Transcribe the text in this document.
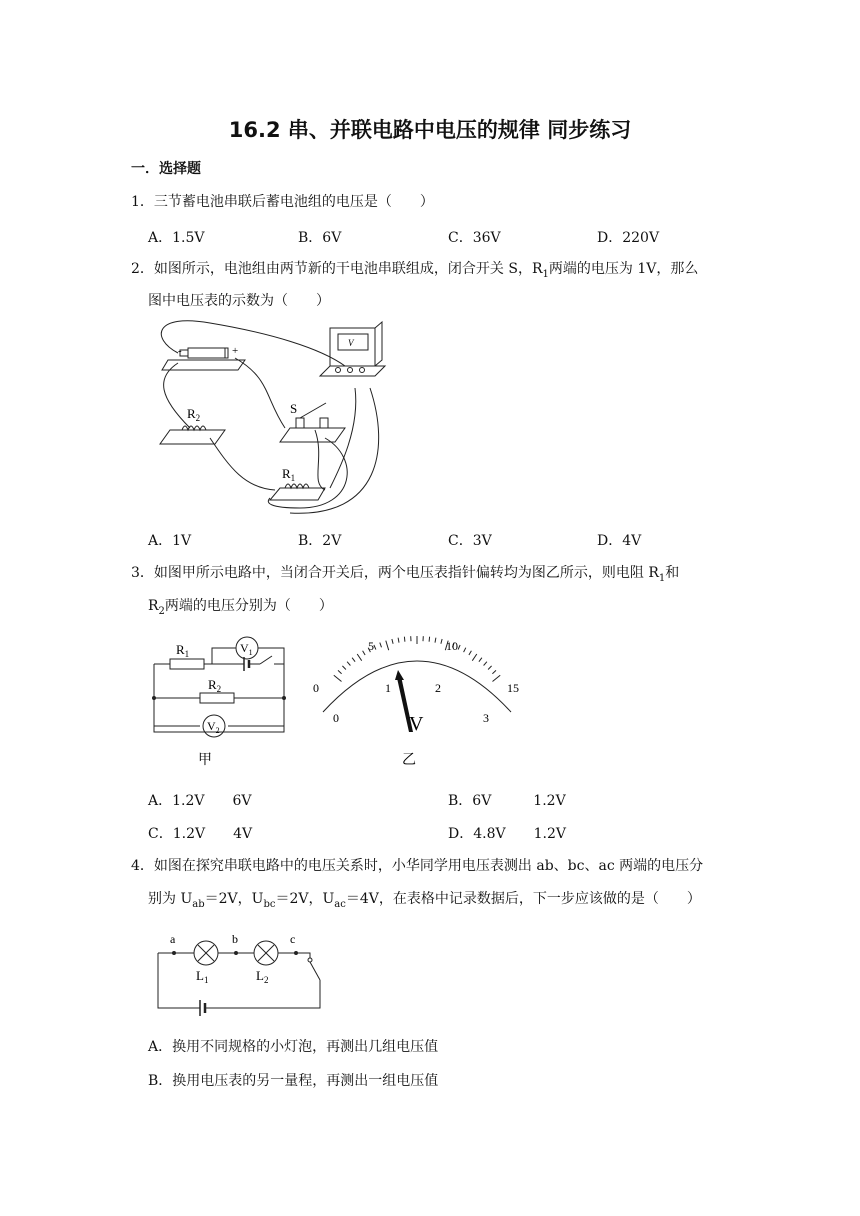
16.2 串、并联电路中电压的规律 同步练习
一．选择题
1．三节蓄电池串联后蓄电池组的电压是（　　）
A．1.5V	B．6V	C．36V	D．220V
2．如图所示，电池组由两节新的干电池串联组成，闭合开关 S，$R_1$两端的电压为 1V，那么
图中电压表的示数为（　　）
-	+
V
$R_2$
S
$R_1$
A．1V	B．2V	C．3V	D．4V
3．如图甲所示电路中，当闭合开关后，两个电压表指针偏转均为图乙所示，则电阻 $R_1$和
$R_2$两端的电压分别为（　　）
$R_1$
$R_2$
$V_1$
$V_2$
甲
0
5	10
15
0
1	2
3
V
乙
A．1.2V　　6V	B．6V　　　1.2V
C．1.2V　　4V	D．4.8V　　1.2V
4．如图在探究串联电路中的电压关系时，小华同学用电压表测出 ab、bc、ac 两端的电压分
别为 $U_{ab}=2V$，$U_{bc}=2V$，$U_{ac}=4V$，在表格中记录数据后，下一步应该做的是（　　）
a	b	c
$L_1$	$L_2$
A．换用不同规格的小灯泡，再测出几组电压值
B．换用电压表的另一量程，再测出一组电压值
